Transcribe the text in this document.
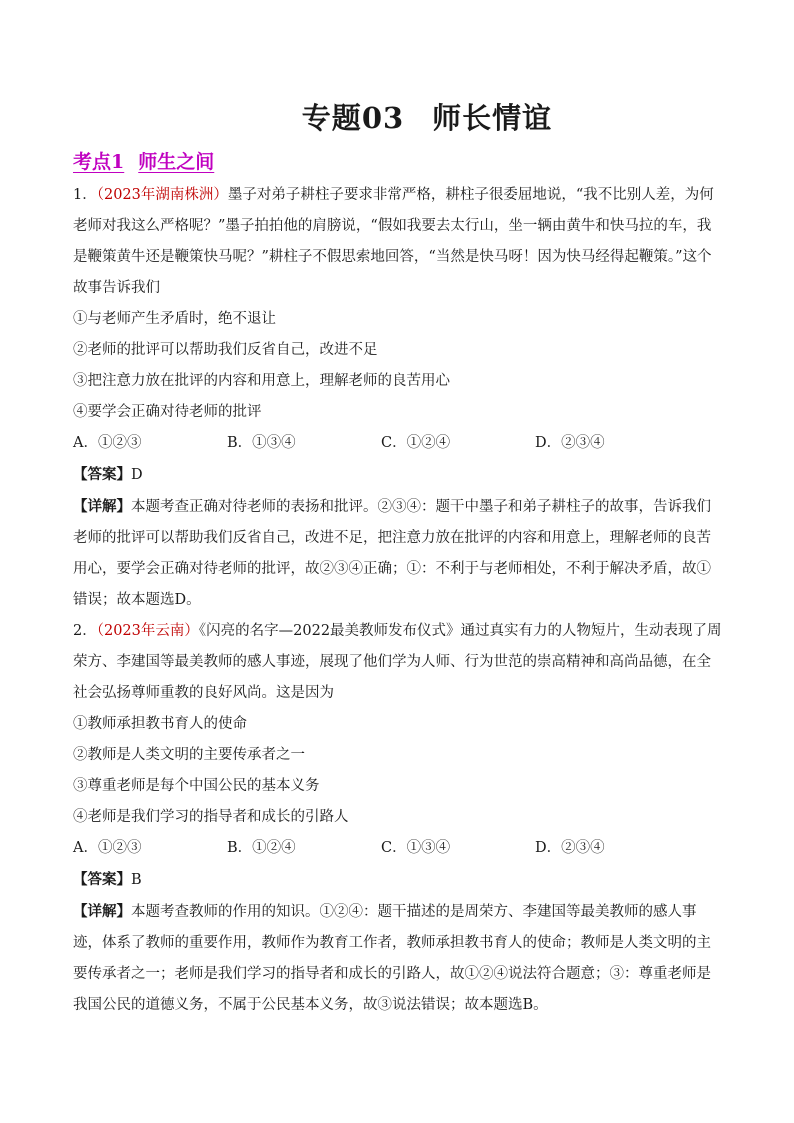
专题03 师长情谊
考点1 师生之间

1．（2023年湖南株洲）墨子对弟子耕柱子要求非常严格，耕柱子很委屈地说，“我不比别人差，为何老师对我这么严格呢？”墨子拍拍他的肩膀说，“假如我要去太行山，坐一辆由黄牛和快马拉的车，我是鞭策黄牛还是鞭策快马呢？”耕柱子不假思索地回答，“当然是快马呀！因为快马经得起鞭策。”这个故事告诉我们

①与老师产生矛盾时，绝不退让

②老师的批评可以帮助我们反省自己，改进不足

③把注意力放在批评的内容和用意上，理解老师的良苦用心

④要学会正确对待老师的批评

A．①②③	B．①③④	C．①②④	D．②③④

【答案】D

【详解】本题考查正确对待老师的表扬和批评。②③④：题干中墨子和弟子耕柱子的故事，告诉我们老师的批评可以帮助我们反省自己，改进不足，把注意力放在批评的内容和用意上，理解老师的良苦用心，要学会正确对待老师的批评，故②③④正确；①：不利于与老师相处，不利于解决矛盾，故①错误；故本题选D。

2．（2023年云南）《闪亮的名字—2022最美教师发布仪式》通过真实有力的人物短片，生动表现了周荣方、李建国等最美教师的感人事迹，展现了他们学为人师、行为世范的崇高精神和高尚品德，在全社会弘扬尊师重教的良好风尚。这是因为

①教师承担教书育人的使命

②教师是人类文明的主要传承者之一

③尊重老师是每个中国公民的基本义务

④老师是我们学习的指导者和成长的引路人

A．①②③	B．①②④	C．①③④	D．②③④

【答案】B

【详解】本题考查教师的作用的知识。①②④：题干描述的是周荣方、李建国等最美教师的感人事迹，体系了教师的重要作用，教师作为教育工作者，教师承担教书育人的使命；教师是人类文明的主要传承者之一；老师是我们学习的指导者和成长的引路人，故①②④说法符合题意；③：尊重老师是我国公民的道德义务，不属于公民基本义务，故③说法错误；故本题选B。
